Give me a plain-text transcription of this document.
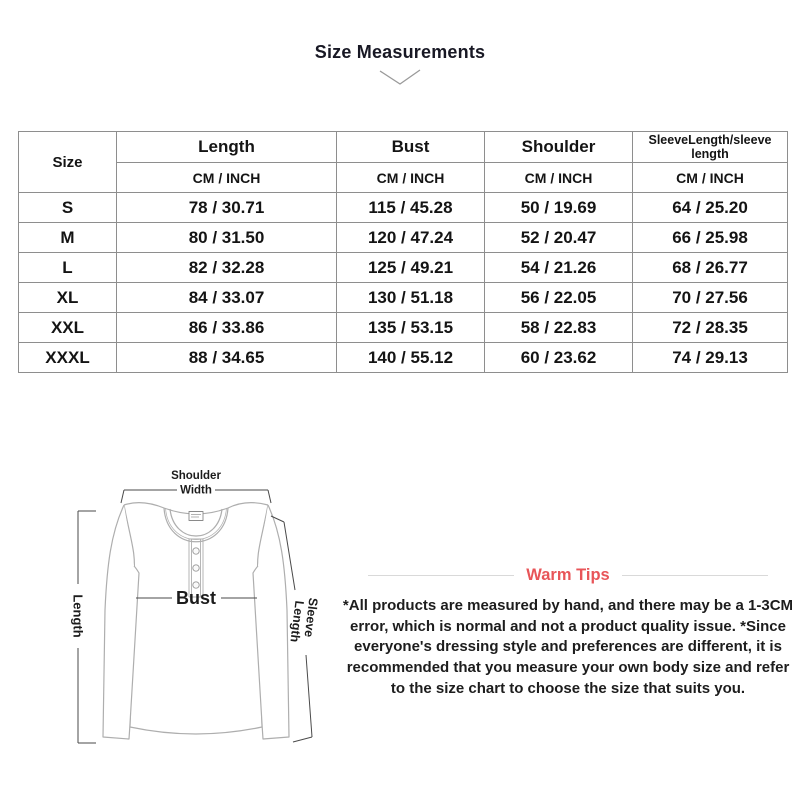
Size Measurements
Size	Length	Bust	Shoulder	SleeveLength/sleeve length
	CM / INCH	CM / INCH	CM / INCH	CM / INCH
S	78 / 30.71	115 / 45.28	50 / 19.69	64 / 25.20
M	80 / 31.50	120 / 47.24	52 / 20.47	66 / 25.98
L	82 / 32.28	125 / 49.21	54 / 21.26	68 / 26.77
XL	84 / 33.07	130 / 51.18	56 / 22.05	70 / 27.56
XXL	86 / 33.86	135 / 53.15	58 / 22.83	72 / 28.35
XXXL	88 / 34.65	140 / 55.12	60 / 23.62	74 / 29.13
Shoulder
Width
Bust
Length	Sleeve
Length
Warm Tips
*All products are measured by hand, and there may be a 1-3CM error, which is normal and not a product quality issue. *Since everyone's dressing style and preferences are different, it is recommended that you measure your own body size and refer to the size chart to choose the size that suits you.
